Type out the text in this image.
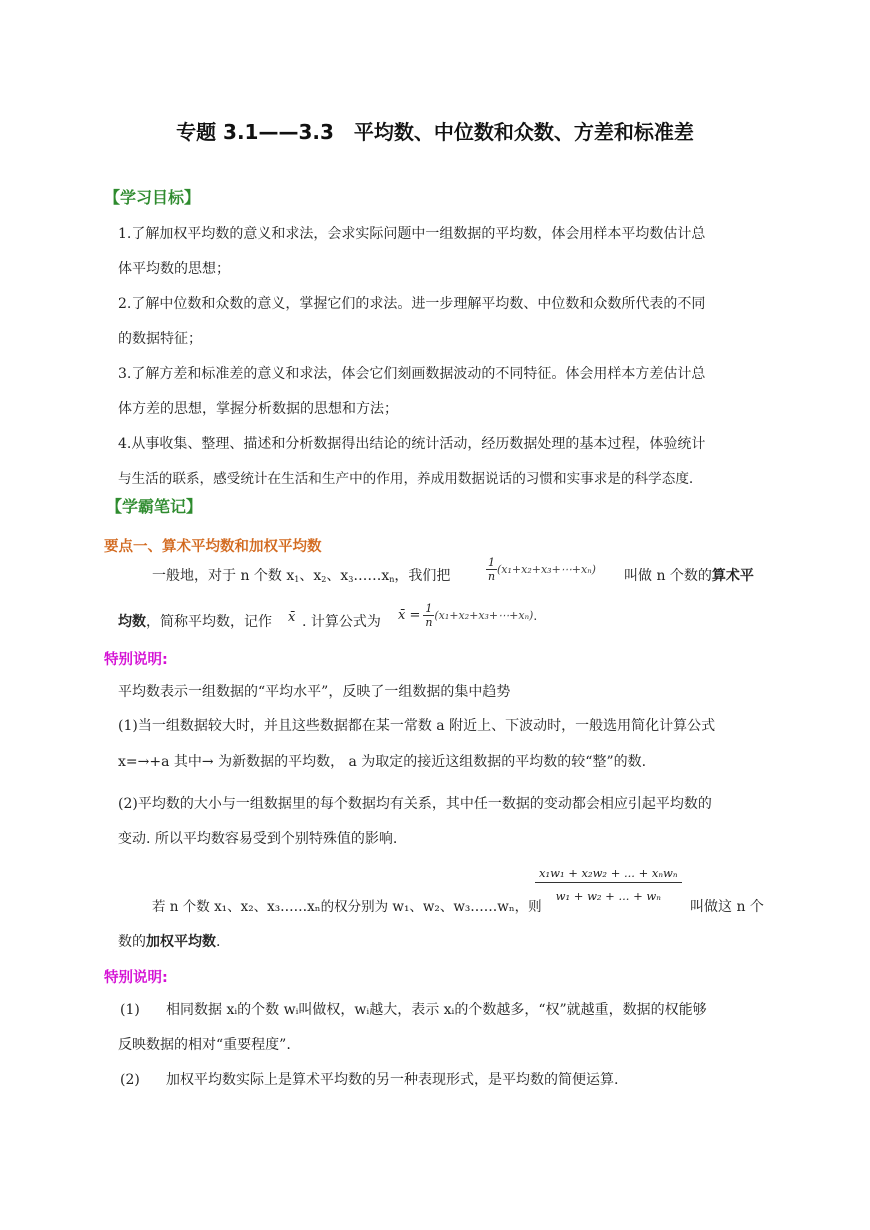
专题 3.1——3.3　平均数、中位数和众数、方差和标准差
【学习目标】
1.了解加权平均数的意义和求法，会求实际问题中一组数据的平均数，体会用样本平均数估计总
体平均数的思想；
2.了解中位数和众数的意义，掌握它们的求法。进一步理解平均数、中位数和众数所代表的不同
的数据特征；
3.了解方差和标准差的意义和求法，体会它们刻画数据波动的不同特征。体会用样本方差估计总
体方差的思想，掌握分析数据的思想和方法；
4.从事收集、整理、描述和分析数据得出结论的统计活动，经历数据处理的基本过程，体验统计
与生活的联系，感受统计在生活和生产中的作用，养成用数据说话的习惯和实事求是的科学态度.
【学霸笔记】
要点一、算术平均数和加权平均数
一般地，对于 n 个数 $x_1$、$x_2$、$x_3\dots\dots x_n$，我们把
1
n
(x₁+x₂+x₃+⋯+xₙ) 叫做 n 个数的算术平
均数，简称平均数，记作 x̄ . 计算公式为 x̄ = $\frac{1}{n}$ (x₁+x₂+x₃+⋯+xₙ) .
特别说明:
平均数表示一组数据的“平均水平”，反映了一组数据的集中趋势
(1)当一组数据较大时，并且这些数据都在某一常数 a 附近上、下波动时，一般选用简化计算公式
x=→+a 其中→ 为新数据的平均数， a 为取定的接近这组数据的平均数的较“整”的数.
(2)平均数的大小与一组数据里的每个数据均有关系，其中任一数据的变动都会相应引起平均数的
变动. 所以平均数容易受到个别特殊值的影响.
若 n 个数 x₁、x₂、x₃……xₙ的权分别为 w₁、w₂、w₃……wₙ，则
x₁w₁ + x₂w₂ + ... + xₙwₙ
w₁ + w₂ + ... + wₙ
叫做这 n 个
数的加权平均数.
特别说明:
(1) 相同数据 xᵢ的个数 wᵢ叫做权，wᵢ越大，表示 xᵢ的个数越多，“权”就越重，数据的权能够
反映数据的相对“重要程度”.
(2) 加权平均数实际上是算术平均数的另一种表现形式，是平均数的简便运算.
